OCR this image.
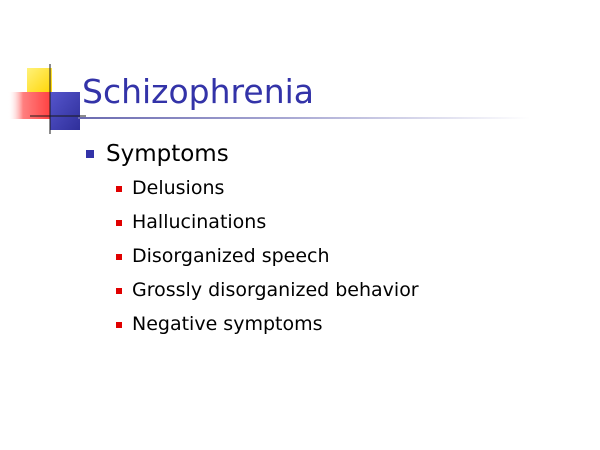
Schizophrenia
Symptoms
Delusions
Hallucinations
Disorganized speech
Grossly disorganized behavior
Negative symptoms
